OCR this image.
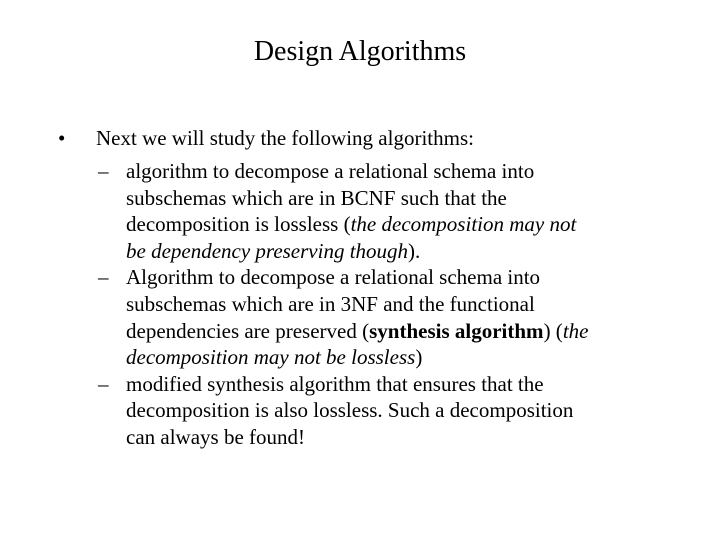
Design Algorithms
• Next we will study the following algorithms:
– algorithm to decompose a relational schema into
subschemas which are in BCNF such that the
decomposition is lossless (the decomposition may not
be dependency preserving though).
– Algorithm to decompose a relational schema into
subschemas which are in 3NF and the functional
dependencies are preserved (synthesis algorithm) (the
decomposition may not be lossless)
– modified synthesis algorithm that ensures that the
decomposition is also lossless. Such a decomposition
can always be found!
